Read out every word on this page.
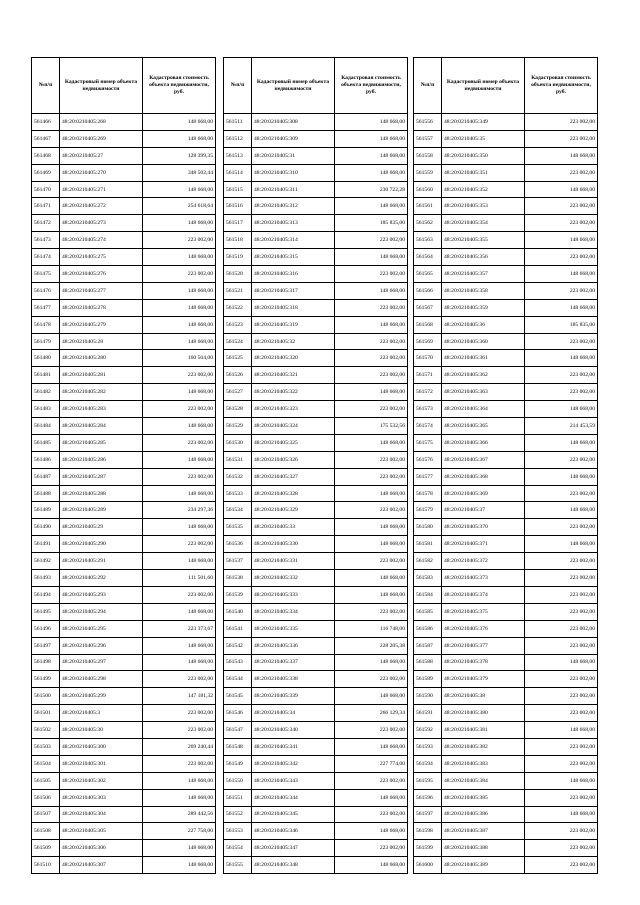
№п/п	Кадастровый номер объекта недвижимости	Кадастровая стоимость объекта недвижимости, руб.
561466	48:20:0210405:268	148 668,00
561467	48:20:0210405:269	148 668,00
561468	48:20:0210405:27	128 399,35
561469	48:20:0210405:270	348 502,44
561470	48:20:0210405:271	148 668,00
561471	48:20:0210405:272	254 618,64
561472	48:20:0210405:273	148 668,00
561473	48:20:0210405:274	223 002,00
561474	48:20:0210405:275	148 668,00
561475	48:20:0210405:276	223 002,00
561476	48:20:0210405:277	148 668,00
561477	48:20:0210405:278	148 668,00
561478	48:20:0210405:279	148 668,00
561479	48:20:0210405:28	148 668,00
561480	48:20:0210405:280	160 504,00
561481	48:20:0210405:281	223 002,00
561482	48:20:0210405:282	148 668,00
561483	48:20:0210405:283	223 002,00
561484	48:20:0210405:284	148 668,00
561485	48:20:0210405:285	223 002,00
561486	48:20:0210405:286	148 668,00
561487	48:20:0210405:287	223 002,00
561488	48:20:0210405:288	148 668,00
561489	48:20:0210405:289	234 297,36
561490	48:20:0210405:29	148 668,00
561491	48:20:0210405:290	223 002,00
561492	48:20:0210405:291	148 668,00
561493	48:20:0210405:292	111 501,60
561494	48:20:0210405:293	223 002,00
561495	48:20:0210405:294	148 668,00
561496	48:20:0210405:295	223 373,67
561497	48:20:0210405:296	148 668,00
561498	48:20:0210405:297	148 668,00
561499	48:20:0210405:298	223 002,00
561500	48:20:0210405:299	147 181,32
561501	48:20:0210405:3	223 002,00
561502	48:20:0210405:30	223 002,00
561503	48:20:0210405:300	269 240,44
561504	48:20:0210405:301	223 002,00
561505	48:20:0210405:302	148 668,00
561506	48:20:0210405:303	148 668,00
561507	48:20:0210405:304	289 442,56
561508	48:20:0210405:305	227 758,00
561509	48:20:0210405:306	148 668,00
561510	48:20:0210405:307	148 668,00
№п/п	Кадастровый номер объекта недвижимости	Кадастровая стоимость объекта недвижимости, руб.
561511	48:20:0210405:308	148 668,00
561512	48:20:0210405:309	148 668,00
561513	48:20:0210405:31	148 668,00
561514	48:20:0210405:310	148 668,00
561515	48:20:0210405:311	230 722,28
561516	48:20:0210405:312	148 668,00
561517	48:20:0210405:313	185 835,00
561518	48:20:0210405:314	223 002,00
561519	48:20:0210405:315	148 668,00
561520	48:20:0210405:316	223 002,00
561521	48:20:0210405:317	148 668,00
561522	48:20:0210405:318	223 002,00
561523	48:20:0210405:319	148 668,00
561524	48:20:0210405:32	223 002,00
561525	48:20:0210405:320	223 002,00
561526	48:20:0210405:321	223 002,00
561527	48:20:0210405:322	148 668,00
561528	48:20:0210405:323	223 002,00
561529	48:20:0210405:324	175 532,56
561530	48:20:0210405:325	148 668,00
561531	48:20:0210405:326	223 002,00
561532	48:20:0210405:327	223 002,00
561533	48:20:0210405:328	148 668,00
561534	48:20:0210405:329	223 002,00
561535	48:20:0210405:33	148 668,00
561536	48:20:0210405:330	148 668,00
561537	48:20:0210405:331	223 002,00
561538	48:20:0210405:332	148 668,00
561539	48:20:0210405:333	148 668,00
561540	48:20:0210405:334	223 002,00
561541	48:20:0210405:335	116 748,00
561542	48:20:0210405:336	228 205,38
561543	48:20:0210405:337	148 668,00
561544	48:20:0210405:338	223 002,00
561545	48:20:0210405:339	148 668,00
561546	48:20:0210405:34	266 129,34
561547	48:20:0210405:340	223 002,00
561548	48:20:0210405:341	148 668,00
561549	48:20:0210405:342	227 774,00
561550	48:20:0210405:343	223 002,00
561551	48:20:0210405:344	148 668,00
561552	48:20:0210405:345	223 002,00
561553	48:20:0210405:346	148 668,00
561554	48:20:0210405:347	223 002,00
561555	48:20:0210405:348	148 668,00
№п/п	Кадастровый номер объекта недвижимости	Кадастровая стоимость объекта недвижимости, руб.
561556	48:20:0210405:349	223 002,00
561557	48:20:0210405:35	223 002,00
561558	48:20:0210405:350	148 668,00
561559	48:20:0210405:351	223 002,00
561560	48:20:0210405:352	148 668,00
561561	48:20:0210405:353	223 002,00
561562	48:20:0210405:354	223 002,00
561563	48:20:0210405:355	148 668,00
561564	48:20:0210405:356	223 002,00
561565	48:20:0210405:357	148 668,00
561566	48:20:0210405:358	223 002,00
561567	48:20:0210405:359	148 668,00
561568	48:20:0210405:36	185 835,00
561569	48:20:0210405:360	223 002,00
561570	48:20:0210405:361	148 668,00
561571	48:20:0210405:362	223 002,00
561572	48:20:0210405:363	223 002,00
561573	48:20:0210405:364	148 668,00
561574	48:20:0210405:365	214 453,59
561575	48:20:0210405:366	148 668,00
561576	48:20:0210405:367	223 002,00
561577	48:20:0210405:368	148 668,00
561578	48:20:0210405:369	223 002,00
561579	48:20:0210405:37	148 668,00
561580	48:20:0210405:370	223 002,00
561581	48:20:0210405:371	148 668,00
561582	48:20:0210405:372	223 002,00
561583	48:20:0210405:373	223 002,00
561584	48:20:0210405:374	223 002,00
561585	48:20:0210405:375	223 002,00
561586	48:20:0210405:376	223 002,00
561587	48:20:0210405:377	223 002,00
561588	48:20:0210405:378	148 668,00
561589	48:20:0210405:379	223 002,00
561590	48:20:0210405:38	223 002,00
561591	48:20:0210405:380	223 002,00
561592	48:20:0210405:381	148 668,00
561593	48:20:0210405:382	223 002,00
561594	48:20:0210405:383	223 002,00
561595	48:20:0210405:384	148 668,00
561596	48:20:0210405:385	223 002,00
561597	48:20:0210405:386	148 668,00
561598	48:20:0210405:387	223 002,00
561599	48:20:0210405:388	223 002,00
561600	48:20:0210405:389	223 002,00
